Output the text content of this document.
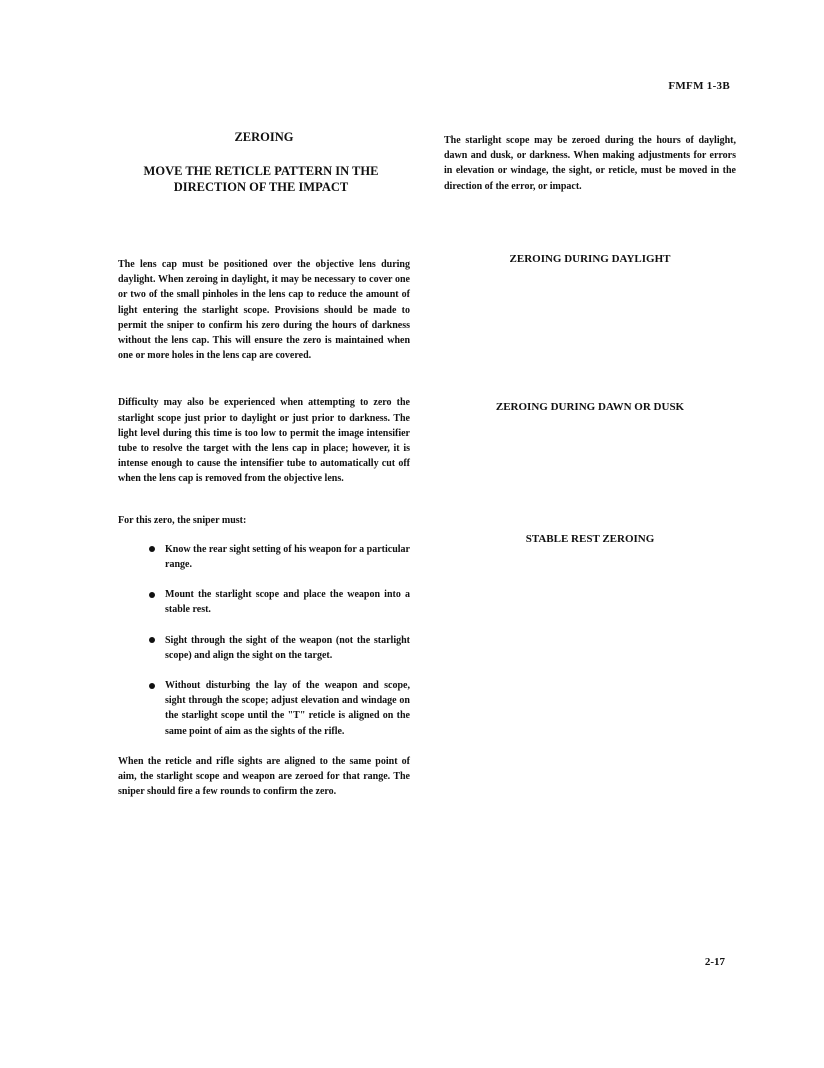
FMFM 1-3B
ZEROING
MOVE THE RETICLE PATTERN IN THE DIRECTION OF THE IMPACT

The lens cap must be positioned over the objective lens during daylight. When zeroing in daylight, it may be necessary to cover one or two of the small pinholes in the lens cap to reduce the amount of light entering the starlight scope. Provisions should be made to permit the sniper to confirm his zero during the hours of darkness without the lens cap. This will ensure the zero is maintained when one or more holes in the lens cap are covered.

Difficulty may also be experienced when attempting to zero the starlight scope just prior to daylight or just prior to darkness. The light level during this time is too low to permit the image intensifier tube to resolve the target with the lens cap in place; however, it is intense enough to cause the intensifier tube to automatically cut off when the lens cap is removed from the objective lens.

For this zero, the sniper must:

Know the rear sight setting of his weapon for a particular range.
Mount the starlight scope and place the weapon into a stable rest.
Sight through the sight of the weapon (not the starlight scope) and align the sight on the target.
Without disturbing the lay of the weapon and scope, sight through the scope; adjust elevation and windage on the starlight scope until the "T" reticle is aligned on the same point of aim as the sights of the rifle.

When the reticle and rifle sights are aligned to the same point of aim, the starlight scope and weapon are zeroed for that range. The sniper should fire a few rounds to confirm the zero.

The starlight scope may be zeroed during the hours of daylight, dawn and dusk, or darkness. When making adjustments for errors in elevation or windage, the sight, or reticle, must be moved in the direction of the error, or impact.

ZEROING DURING DAYLIGHT
ZEROING DURING DAWN OR DUSK
STABLE REST ZEROING
2-17
